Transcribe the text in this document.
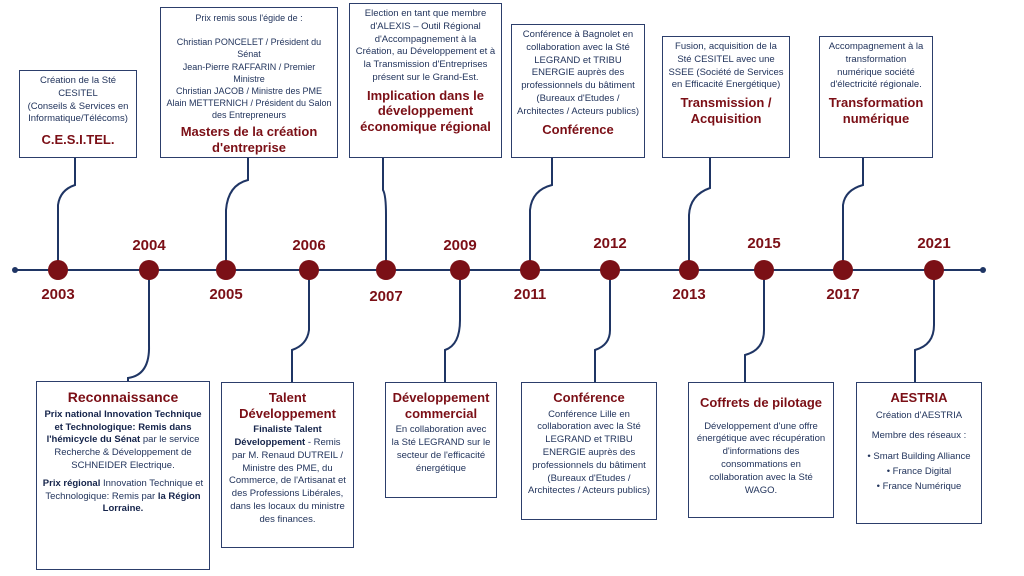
2003
2004
2005
2006
2007
2009
2011
2012
2013
2015
2017
2021
Création de la Sté CESITEL
(Conseils & Services en
Informatique/Télécoms)
C.E.S.I.TEL.
Prix remis sous l'égide de :

Christian PONCELET / Président du Sénat
Jean-Pierre RAFFARIN / Premier Ministre
Christian JACOB / Ministre des PME
Alain METTERNICH / Président du Salon des Entrepreneurs
Masters de la création d'entreprise
Election en tant que membre d'ALEXIS – Outil Régional d'Accompagnement à la Création, au Développement et à la Transmission d'Entreprises présent sur le Grand-Est.
Implication dans le développement économique régional
Conférence à Bagnolet en collaboration avec la Sté LEGRAND et TRIBU ENERGIE auprès des professionnels du bâtiment (Bureaux d'Etudes / Architectes / Acteurs publics)
Conférence
Fusion, acquisition de la Sté CESITEL avec une SSEE (Société de Services en Efficacité Energétique)
Transmission / Acquisition
Accompagnement à la transformation numérique société d'électricité régionale.
Transformation numérique
Reconnaissance

Prix national Innovation Technique et Technologique: Remis dans l'hémicycle du Sénat par le service Recherche & Développement de SCHNEIDER Electrique.

Prix régional Innovation Technique et Technologique: Remis par la Région Lorraine.

Talent Développement
Finaliste Talent Développement - Remis par M. Renaud DUTREIL / Ministre des PME, du Commerce, de l'Artisanat et des Professions Libérales, dans les locaux du ministre des finances.
Développement commercial
En collaboration avec la Sté LEGRAND sur le secteur de l'efficacité énergétique
Conférence
Conférence Lille en collaboration avec la Sté LEGRAND et TRIBU ENERGIE auprès des professionnels du bâtiment (Bureaux d'Etudes / Architectes / Acteurs publics)
Coffrets de pilotage
Développement d'une offre énergétique avec récupération d'informations des consommations en collaboration avec la Sté WAGO.
AESTRIA
Création d'AESTRIA
Membre des réseaux :
• Smart Building Alliance
• France Digital
• France Numérique
